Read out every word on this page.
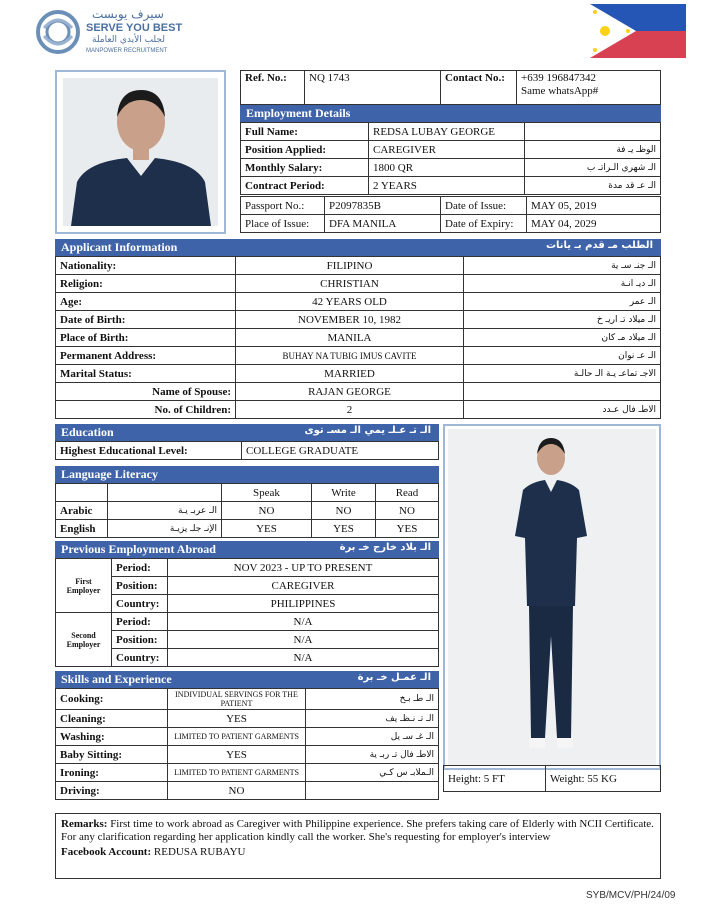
سيرف يوبست
SERVE YOU BEST
لجلب الأيدي العاملة
MANPOWER RECRUITMENT
Ref. No.:	NQ 1743	Contact No.:	+639 196847342
Same whatsApp#
Employment Details
Full Name:	REDSA LUBAY GEORGE	
Position Applied:	CAREGIVER	الوظـ يـ فة
Monthly Salary:	1800 QR	الـ شهري الـراتـ ب
Contract Period:	2 YEARS	الـ عـ قد مدة
Passport No.:	P2097835B	Date of Issue:	MAY 05, 2019
Place of Issue:	DFA MANILA	Date of Expiry:	MAY 04, 2029
Applicant Information	الطلب مـ قدم بـ يانات
Nationality:	FILIPINO	الـ جنـ سـ ية
Religion:	CHRISTIAN	الـ ديـ انـة
Age:	42 YEARS OLD	الـ عمر
Date of Birth:	NOVEMBER 10, 1982	الـ ميلاد تـ اريـ خ
Place of Birth:	MANILA	الـ ميلاد مـ كان
Permanent Address:	BUHAY NA TUBIG IMUS CAVITE	الـ عـ نوان
Marital Status:	MARRIED	الاجـ تماعـ يـة الـ حالـة
Name of Spouse:	RAJAN GEORGE	
No. of Children:	2	الاطـ فال عـدد
Education	الـ تـ عـلـ يمي الـ مسـ توى
Highest Educational Level:	COLLEGE GRADUATE
Language Literacy
		Speak	Write	Read
Arabic	الـ عربـ يـة	NO	NO	NO
English	الإنـ جلـ يزيـة	YES	YES	YES
Previous Employment Abroad	الـ بلاد خارج خـ برة
First Employer	Period:	NOV 2023 - UP TO PRESENT
	Position:	CAREGIVER
	Country:	PHILIPPINES
Second Employer	Period:	N/A
	Position:	N/A
	Country:	N/A
Skills and Experience	الـ عمـل خـ برة
Cooking:	INDIVIDUAL SERVINGS FOR THE PATIENT	الـ طـ بـخ
Cleaning:	YES	الـ تـ نـظـ يف
Washing:	LIMITED TO PATIENT GARMENTS	الـ غـ سـ يل
Baby Sitting:	YES	الاطـ فال تـ ربـ ية
Ironing:	LIMITED TO PATIENT GARMENTS	الـملابـ س كـي
Driving:	NO	
Height: 5 FT	Weight: 55 KG
Remarks: First time to work abroad as Caregiver with Philippine experience. She prefers taking care of Elderly with NCII Certificate. For any clarification regarding her application kindly call the worker. She's requesting for employer's interview
Facebook Account: REDUSA RUBAYU
SYB/MCV/PH/24/09
